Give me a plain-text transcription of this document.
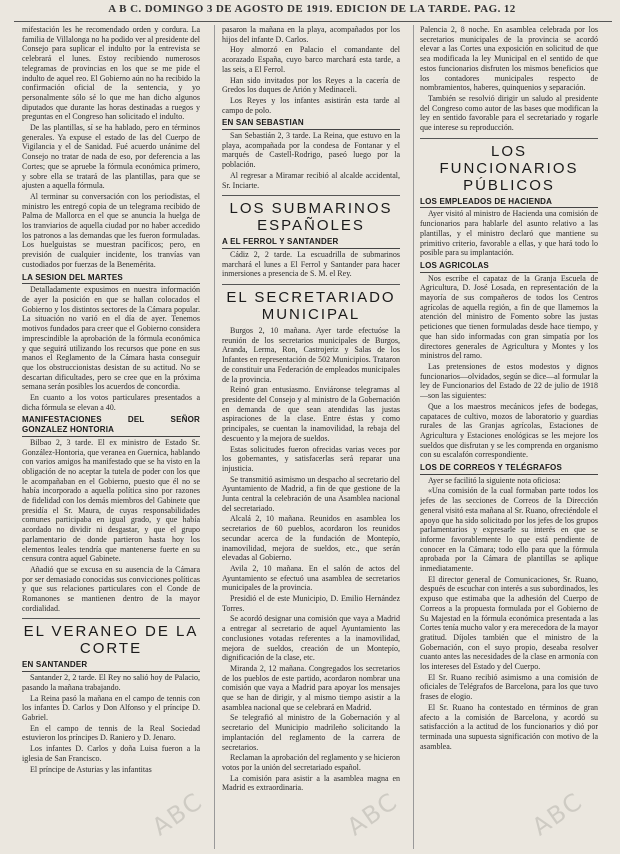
A B C. DOMINGO 3 DE AGOSTO DE 1919. EDICION DE LA TARDE. PAG. 12

mifestación les he recomendado orden y cordura. La familia de Villalonga no ha podido ver al presidente del Consejo para suplicar el indulto por la entrevista se celebrará el lunes. Estoy recibiendo numerosos telegramas de provincias en los que se me pide el indulto de aquel reo. El Gobierno aún no ha recibido la confirmación oficial de la sentencia, y yo personalmente sólo sé lo que me han dicho algunos diputados que durante las horas destinadas a ruegos y preguntas en el Congreso han solicitado el indulto.

De las plantillas, sí se ha hablado, pero en términos generales. Ya expuse el estado de las del Cuerpo de Vigilancia y el de Sanidad. Fué acuerdo unánime del Consejo no tratar de nada de eso, por deferencia a las Cortes; que se apruebe la fórmula económica primero, y sobre ella se tratará de las plantillas, para que se ajusten a aquella fórmula.

Al terminar su conversación con los periodistas, el ministro les entregó copia de un telegrama recibido de Palma de Mallorca en el que se anuncia la huelga de los tranviarios de aquella ciudad por no haber accedido los patronos a las demandas que les fueron formuladas. Los huelguistas se muestran pacíficos; pero, en previsión de cualquier incidente, los tranvías van custodiados por fuerzas de la Benemérita.

LA SESION DEL MARTES

Detalladamente expusimos en nuestra información de ayer la posición en que se hallan colocados el Gobierno y los distintos sectores de la Cámara popular. La situación no varió en el día de ayer. Tenemos motivos fundados para creer que el Gobierno considera imprescindible la aprobación de la fórmula económica y que seguirá utilizando los recursos que pone en sus manos el Reglamento de la Cámara hasta conseguir que los obstruccionistas desistan de su actitud. No se descartan dificultades, pero se cree que en la próxima semana serán posibles los acuerdos de concordia.

En cuanto a los votos particulares presentados a dicha fórmula se elevan a 40.

MANIFESTACIONES DEL SEÑOR GONZALEZ HONTORIA

Bilbao 2, 3 tarde. El ex ministro de Estado Sr. González-Hontoria, que veranea en Guernica, hablando con varios amigos ha manifestado que se ha visto en la obligación de no aceptar la tutela de poder con los que le acompañaban en el Gobierno, puesto que él no se había incorporado a aquella política sino por razones de fidelidad con los demás miembros del Gabinete que presidía el Sr. Maura, de cuyas responsabilidades comunes participaba en igual grado, y que había acordado no dividir ni desgastar, y que el grupo parlamentario de donde partieron hasta hoy los elementos leales tendría que mantenerse fuerte en su censura contra aquel Gabinete.

Añadió que se excusa en su ausencia de la Cámara por ser demasiado conocidas sus convicciones políticas y que sus relaciones particulares con el Conde de Romanones se mantienen dentro de la mayor cordialidad.

EL VERANEO DE LA CORTE
EN SANTANDER

Santander 2, 2 tarde. El Rey no salió hoy de Palacio, pasando la mañana trabajando.

La Reina pasó la mañana en el campo de tennis con los infantes D. Carlos y Don Alfonso y el príncipe D. Gabriel.

En el campo de tennis de la Real Sociedad estuvieron los príncipes D. Raniero y D. Jenaro.

Los infantes D. Carlos y doña Luisa fueron a la iglesia de San Francisco.

El príncipe de Asturias y las infantitas

pasaron la mañana en la playa, acompañados por los hijos del infante D. Carlos.

Hoy almorzó en Palacio el comandante del acorazado España, cuyo barco marchará esta tarde, a las seis, a El Ferrol.

Han sido invitados por los Reyes a la cacería de Gredos los duques de Arión y Medinaceli.

Los Reyes y los infantes asistirán esta tarde al campo de polo.

EN SAN SEBASTIAN

San Sebastián 2, 3 tarde. La Reina, que estuvo en la playa, acompañada por la condesa de Fontanar y el marqués de Castell-Rodrigo, paseó luego por la población.

Al regresar a Miramar recibió al alcalde accidental, Sr. Inciarte.

LOS SUBMARINOS ESPAÑOLES
A EL FERROL Y SANTANDER

Cádiz 2, 2 tarde. La escuadrilla de submarinos marchará el lunes a El Ferrol y Santander para hacer inmersiones a presencia de S. M. el Rey.

EL SECRETARIADO MUNICIPAL

Burgos 2, 10 mañana. Ayer tarde efectuóse la reunión de los secretarios municipales de Burgos, Aranda, Lerma, Ron, Castrojeriz y Salas de los Infantes en representación de 502 Municipios. Trataron de constituir una Federación de empleados municipales de la provincia.

Reinó gran entusiasmo. Enviáronse telegramas al presidente del Consejo y al ministro de la Gobernación en demanda de que sean atendidas las justas aspiraciones de la clase. Entre éstas y como principales, se cuentan la inamovilidad, la rebaja del descuento y la mejora de sueldos.

Estas solicitudes fueron ofrecidas varias veces por los gobernantes, y satisfacerlas será reparar una injusticia.

Se transmitió asimismo un despacho al secretario del Ayuntamiento de Madrid, a fin de que gestione de la Junta central la celebración de una Asamblea nacional del secretariado.

Alcalá 2, 10 mañana. Reunidos en asamblea los secretarios de 60 pueblos, acordaron los reunidos secundar acerca de la fundación de Montepío, inamovilidad, mejora de sueldos, etc., que serán elevadas al Gobierno.

Avila 2, 10 mañana. En el salón de actos del Ayuntamiento se efectuó una asamblea de secretarios municipales de la provincia.

Presidió el de este Municipio, D. Emilio Hernández Torres.

Se acordó designar una comisión que vaya a Madrid a entregar al secretario de aquel Ayuntamiento las conclusiones votadas referentes a la inamovilidad, mejora de sueldos, creación de un Montepío, dignificación de la clase, etc.

Miranda 2, 12 mañana. Congregados los secretarios de los pueblos de este partido, acordaron nombrar una comisión que vaya a Madrid para apoyar los mensajes que se han de dirigir, y al mismo tiempo asistir a la asamblea nacional que se celebrará en Madrid.

Se telegrafió al ministro de la Gobernación y al secretario del Municipio madrileño solicitando la implantación del reglamento de la carrera de secretarios.

Reclaman la aprobación del reglamento y se hicieron votos por la unión del secretariado español.

La comisión para asistir a la asamblea magna en Madrid es extraordinaria.

Palencia 2, 8 noche. En asamblea celebrada por los secretarios municipales de la provincia se acordó elevar a las Cortes una exposición en solicitud de que sea modificada la ley Municipal en el sentido de que estos funcionarios disfruten los mismos beneficios que los contadores municipales respecto de nombramientos, haberes, quinquenios y separación.

También se resolvió dirigir un saludo al presidente del Congreso como autor de las bases que modifican la ley en sentido favorable para el secretariado y rogarle que interese su reproducción.

LOS FUNCIONARIOS PÚBLICOS
LOS EMPLEADOS DE HACIENDA

Ayer visitó al ministro de Hacienda una comisión de funcionarios para hablarle del asunto relativo a las plantillas, y el ministro declaró que mantiene su primitivo criterio, favorable a ellas, y que hará todo lo posible para su implantación.

LOS AGRICOLAS

Nos escribe el capataz de la Granja Escuela de Agricultura, D. José Losada, en representación de la mayoría de sus compañeros de todos los Centros agrícolas de aquella región, a fin de que llamemos la atención del ministro de Fomento sobre las justas peticiones que tienen formuladas desde hace tiempo, y que han sido informadas con gran simpatía por los directores generales de Agricultura y Montes y los ministros del ramo.

Las pretensiones de estos modestos y dignos funcionarios—olvidados, según se dice—al formular la ley de Funcionarios del Estado de 22 de julio de 1918—son las siguientes:

Que a los maestros mecánicos jefes de bodegas, capataces de cultivo, mozos de laboratorio y guardias rurales de las Granjas agrícolas, Estaciones de Agricultura y Estaciones enológicas se les mejore los sueldos que disfrutan y se les comprenda en organismo con su escalafón correspondiente.

LOS DE CORREOS Y TELÉGRAFOS

Ayer se facilitó la siguiente nota oficiosa:

«Una comisión de la cual formaban parte todos los jefes de las secciones de Correos de la Dirección general visitó esta mañana al Sr. Ruano, ofreciéndole el apoyo que ha sido solicitado por los jefes de los grupos parlamentarios y expresarle su interés en que se informe favorablemente lo que está pendiente de conocer en la Cámara; todo ello para que la fórmula aprobada por la Cámara de plantillas se aplique inmediatamente.

El director general de Comunicaciones, Sr. Ruano, después de escuchar con interés a sus subordinados, les expuso que estimaba que la adhesión del Cuerpo de Correos a la propuesta formulada por el Gobierno de Su Majestad en la fórmula económica presentada a las Cortes tenía mucho valor y era merecedora de la mayor gratitud. Díjoles también que el ministro de la Gobernación, con el suyo propio, deseaba resolver cuanto antes las necesidades de la clase en armonía con los intereses del Estado y del Cuerpo.

El Sr. Ruano recibió asimismo a una comisión de oficiales de Telégrafos de Barcelona, para los que tuvo frases de elogio.

El Sr. Ruano ha contestado en términos de gran afecto a la comisión de Barcelona, y acordó su satisfacción a la actitud de los funcionarios y dió por terminada una supuesta significación con motivo de la asamblea.

ABC	ABC	ABC
